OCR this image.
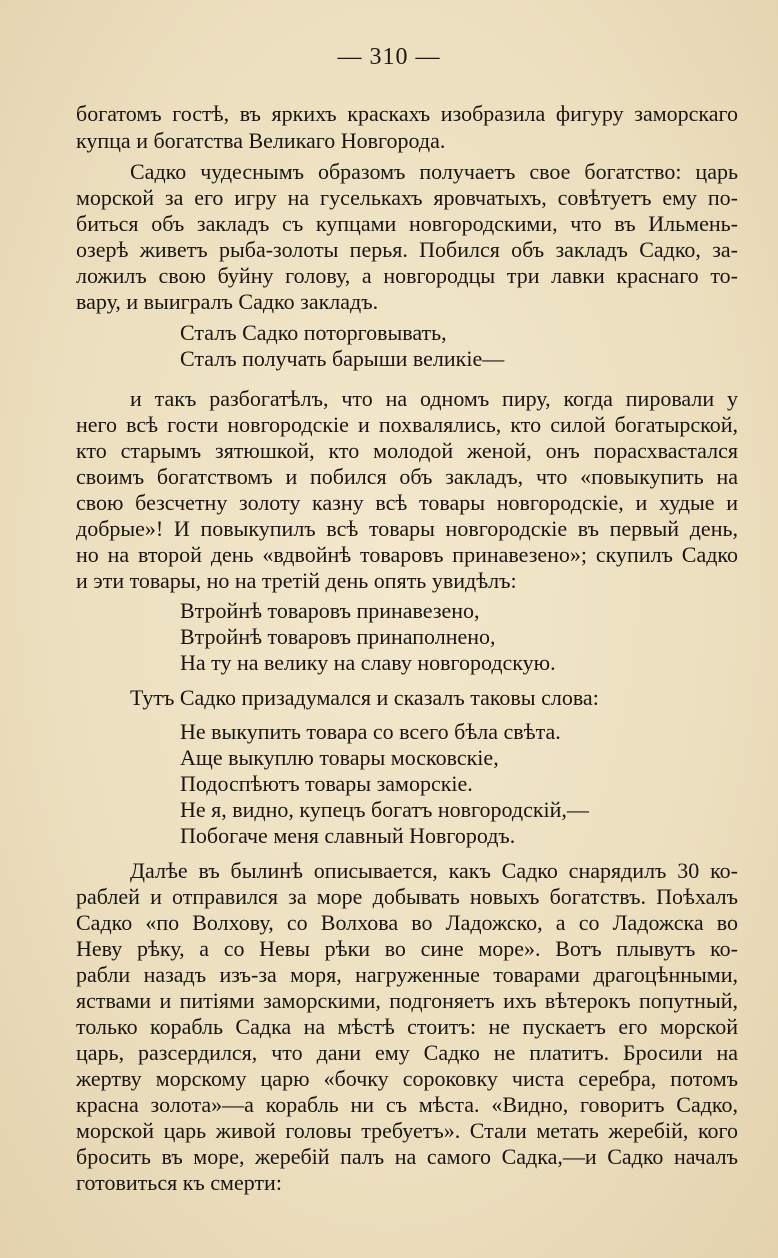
— 310 —
богатомъ гостѣ, въ яркихъ краскахъ изобразила фигуру заморскаго
купца и богатства Великаго Новгорода.
Садко чудеснымъ образомъ получаетъ свое богатство: царь
морской за его игру на гуселькахъ яровчатыхъ, совѣтуетъ ему по-
биться объ закладъ съ купцами новгородскими, что въ Ильмень-
озерѣ живетъ рыба-золоты перья. Побился объ закладъ Садко, за-
ложилъ свою буйну голову, а новгородцы три лавки краснаго то-
вару, и выигралъ Садко закладъ.
Сталъ Садко поторговывать,
Сталъ получать барыши великіе—
и такъ разбогатѣлъ, что на одномъ пиру, когда пировали у
него всѣ гости новгородскіе и похвалялись, кто силой богатырской,
кто старымъ зятюшкой, кто молодой женой, онъ порасхвастался
своимъ богатствомъ и побился объ закладъ, что «повыкупить на
свою безсчетну золоту казну всѣ товары новгородскіе, и худые и
добрые»! И повыкупилъ всѣ товары новгородскіе въ первый день,
но на второй день «вдвойнѣ товаровъ принавезено»; скупилъ Садко
и эти товары, но на третій день опять увидѣлъ:
Втройнѣ товаровъ принавезено,
Втройнѣ товаровъ принаполнено,
На ту на велику на славу новгородскую.
Тутъ Садко призадумался и сказалъ таковы слова:
Не выкупить товара со всего бѣла свѣта.
Аще выкуплю товары московскіе,
Подоспѣютъ товары заморскіе.
Не я, видно, купецъ богатъ новгородскій,—
Побогаче меня славный Новгородъ.
Далѣе въ былинѣ описывается, какъ Садко снарядилъ 30 ко-
раблей и отправился за море добывать новыхъ богатствъ. Поѣхалъ
Садко «по Волхову, со Волхова во Ладожско, а со Ладожска во
Неву рѣку, а со Невы рѣки во сине море». Вотъ плывутъ ко-
рабли назадъ изъ-за моря, нагруженные товарами драгоцѣнными,
яствами и питіями заморскими, подгоняетъ ихъ вѣтерокъ попутный,
только корабль Садка на мѣстѣ стоитъ: не пускаетъ его морской
царь, разсердился, что дани ему Садко не платитъ. Бросили на
жертву морскому царю «бочку сороковку чиста серебра, потомъ
красна золота»—а корабль ни съ мѣста. «Видно, говоритъ Садко,
морской царь живой головы требуетъ». Стали метать жеребій, кого
бросить въ море, жеребій палъ на самого Садка,—и Садко началъ
готовиться къ смерти:
